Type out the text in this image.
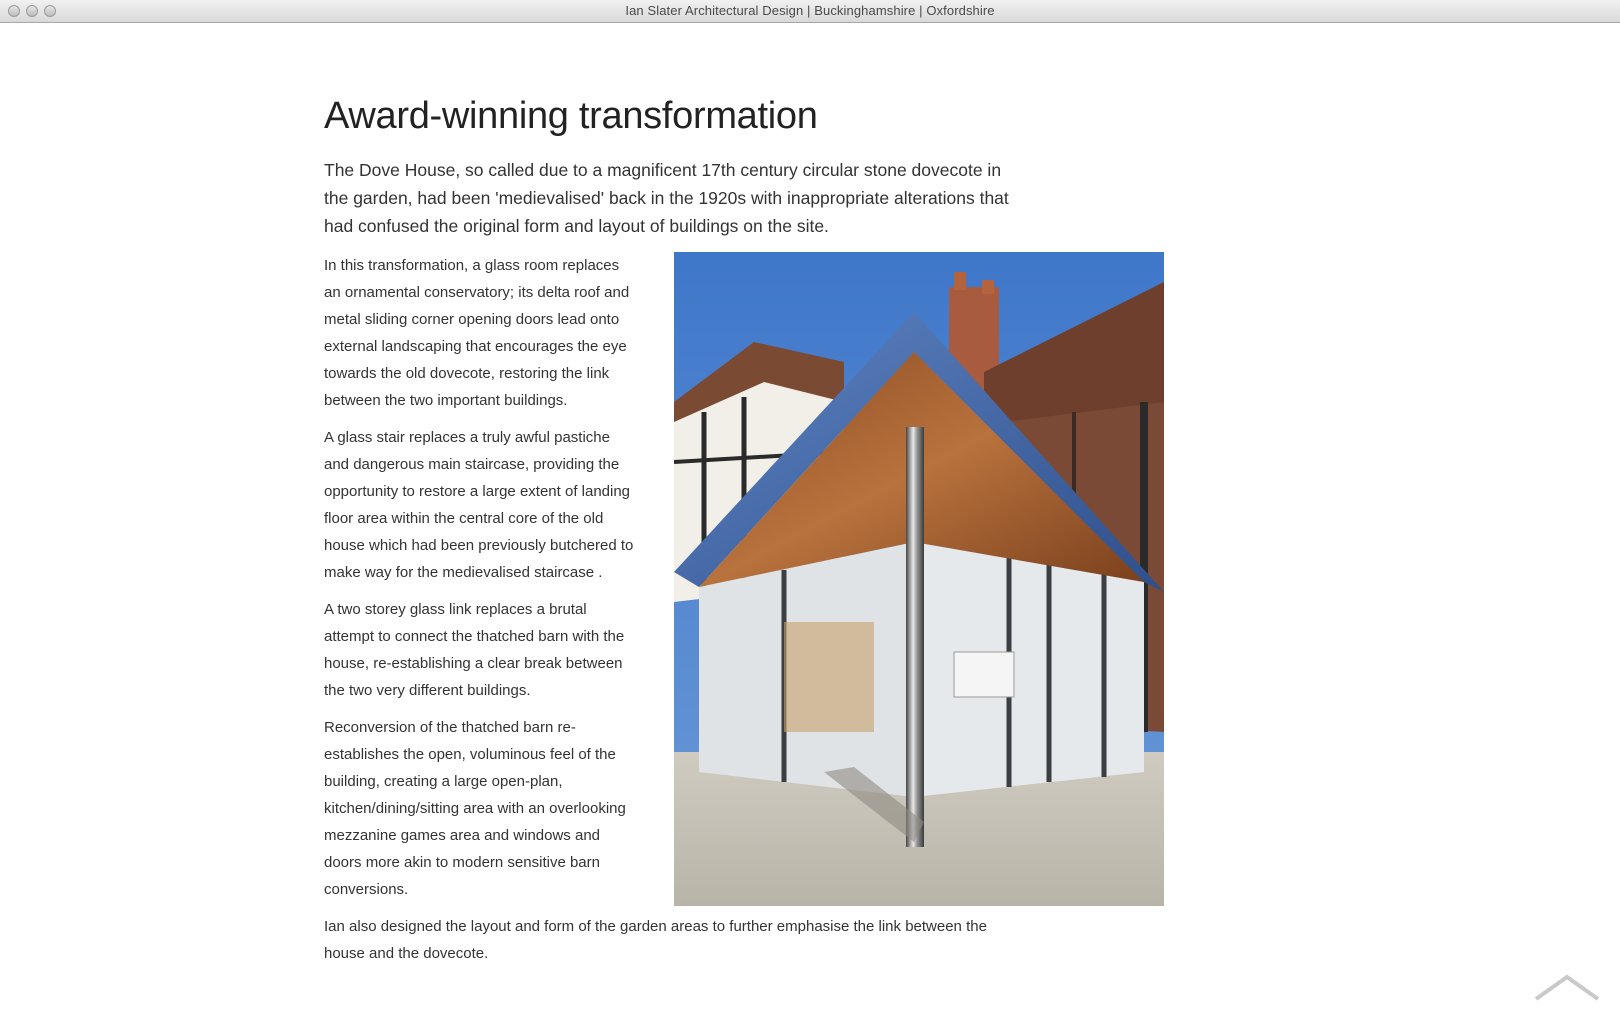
Ian Slater Architectural Design | Buckinghamshire | Oxfordshire
Award-winning transformation

The Dove House, so called due to a magnificent 17th century circular stone dovecote in the garden, had been 'medievalised' back in the 1920s with inappropriate alterations that had confused the original form and layout of buildings on the site.

In this transformation, a glass room replaces an ornamental conservatory; its delta roof and metal sliding corner opening doors lead onto external landscaping that encourages the eye towards the old dovecote, restoring the link between the two important buildings.

A glass stair replaces a truly awful pastiche and dangerous main staircase, providing the opportunity to restore a large extent of landing floor area within the central core of the old house which had been previously butchered to make way for the medievalised staircase .

A two storey glass link replaces a brutal attempt to connect the thatched barn with the house, re-establishing a clear break between the two very different buildings.

Reconversion of the thatched barn re-establishes the open, voluminous feel of the building, creating a large open-plan, kitchen/dining/sitting area with an overlooking mezzanine games area and windows and doors more akin to modern sensitive barn conversions.

Ian also designed the layout and form of the garden areas to further emphasise the link between the house and the dovecote.
